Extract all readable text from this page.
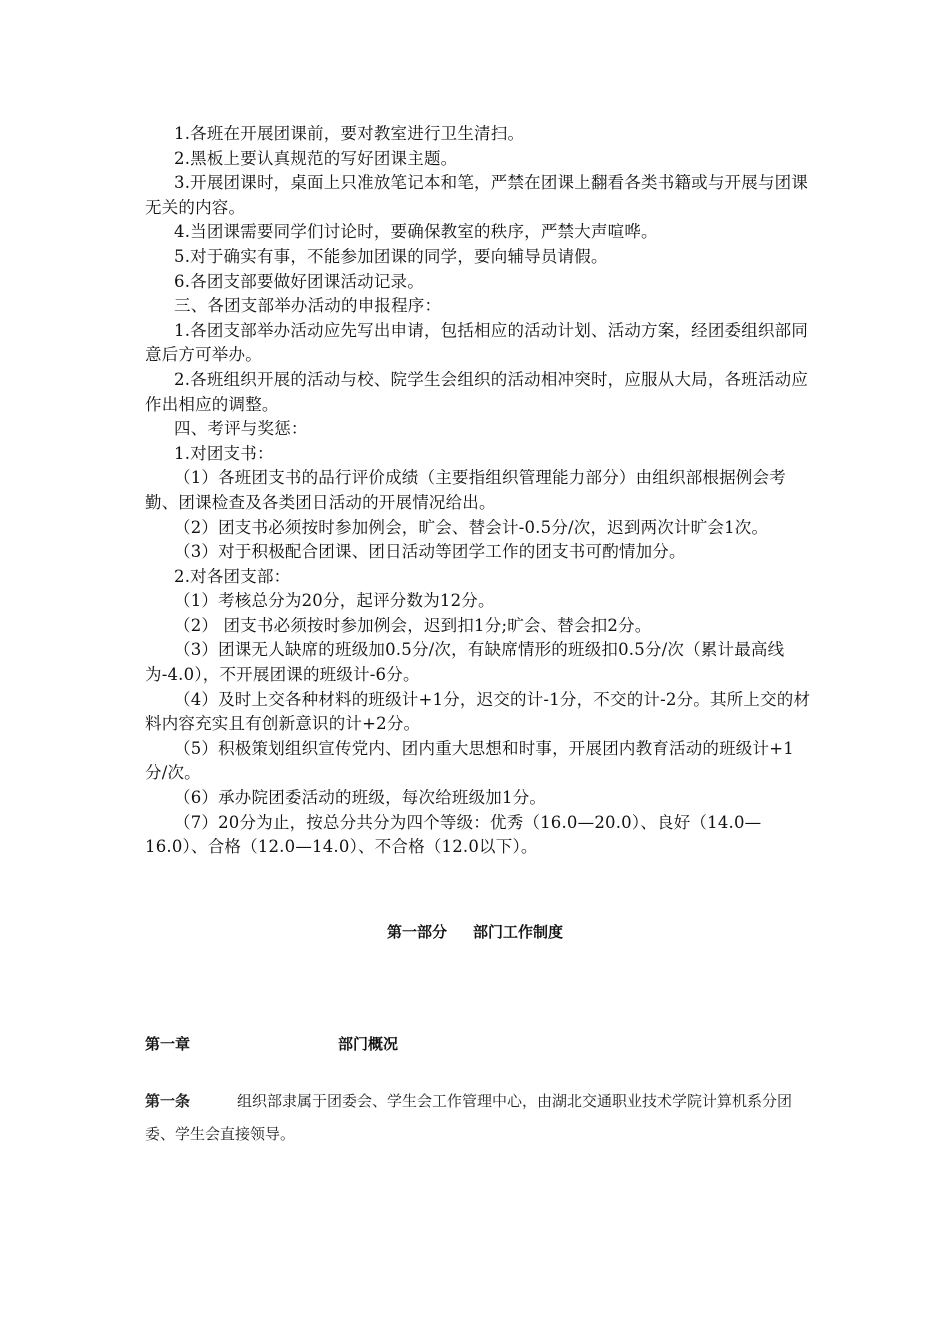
1.各班在开展团课前，要对教室进行卫生清扫。

2.黑板上要认真规范的写好团课主题。

3.开展团课时，桌面上只准放笔记本和笔，严禁在团课上翻看各类书籍或与开展与团课无关的内容。

4.当团课需要同学们讨论时，要确保教室的秩序，严禁大声喧哗。

5.对于确实有事，不能参加团课的同学，要向辅导员请假。

6.各团支部要做好团课活动记录。

三、各团支部举办活动的申报程序：

1.各团支部举办活动应先写出申请，包括相应的活动计划、活动方案，经团委组织部同意后方可举办。

2.各班组织开展的活动与校、院学生会组织的活动相冲突时，应服从大局，各班活动应作出相应的调整。

四、考评与奖惩：

1.对团支书：

（1）各班团支书的品行评价成绩（主要指组织管理能力部分）由组织部根据例会考勤、团课检查及各类团日活动的开展情况给出。

（2）团支书必须按时参加例会，旷会、替会计-0.5分/次，迟到两次计旷会1次。

（3）对于积极配合团课、团日活动等团学工作的团支书可酌情加分。

2.对各团支部：

（1）考核总分为20分，起评分数为12分。

（2） 团支书必须按时参加例会，迟到扣1分;旷会、替会扣2分。

（3）团课无人缺席的班级加0.5分/次，有缺席情形的班级扣0.5分/次（累计最高线为-4.0），不开展团课的班级计-6分。

（4）及时上交各种材料的班级计+1分，迟交的计-1分，不交的计-2分。其所上交的材料内容充实且有创新意识的计+2分。

（5）积极策划组织宣传党内、团内重大思想和时事，开展团内教育活动的班级计+1分/次。

（6）承办院团委活动的班级，每次给班级加1分。

（7）20分为止，按总分共分为四个等级：优秀（16.0—20.0）、良好（14.0—16.0）、合格（12.0—14.0）、不合格（12.0以下）。

第一部分 部门工作制度
第一章	部门概况
第一条	组织部隶属于团委会、学生会工作管理中心，由湖北交通职业技术学院计算机系分团委、学生会直接领导。
